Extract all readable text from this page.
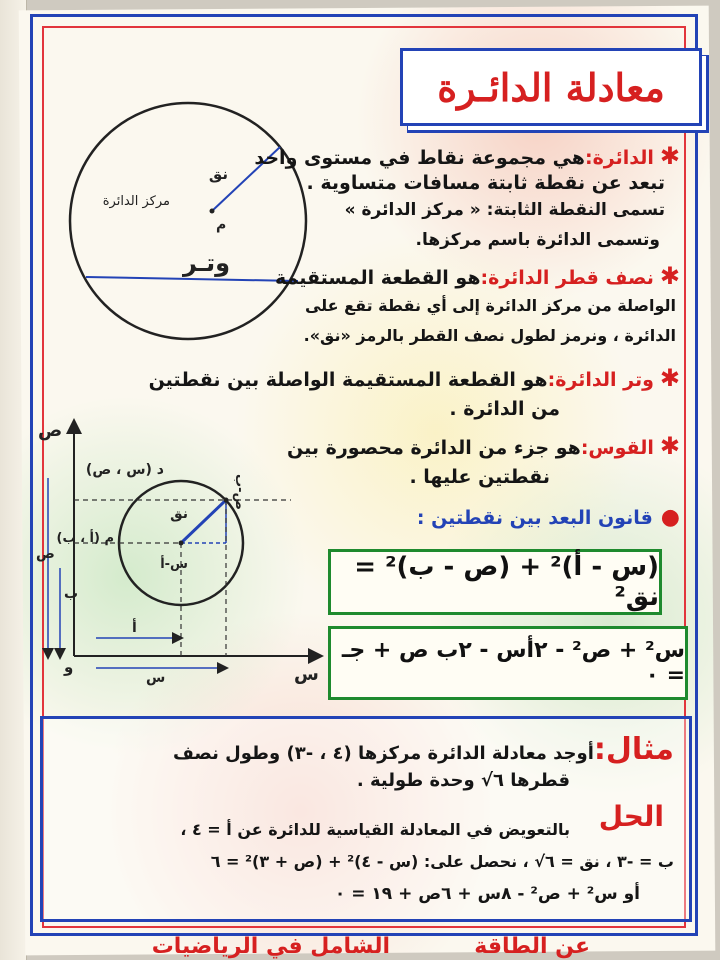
معادلة الدائـرة
نق
مركز الدائرة
م
وتـر
✱الدائرة:هي مجموعة نقاط في مستوى واحد
تبعد عن نقطة ثابتة مسافات متساوية .
تسمى النقطة الثابتة: « مركز الدائرة »
وتسمى الدائرة باسم مركزها.
✱نصف قطر الدائرة:هو القطعة المستقيمة
الواصلة من مركز الدائرة إلى أي نقطة تقع على
الدائرة ، ونرمز لطول نصف القطر بالرمز «نق».
✱وتر الدائرة:هو القطعة المستقيمة الواصلة بين نقطتين
من الدائرة .
✱القوس:هو جزء من الدائرة محصورة بين
نقطتين عليها .
●قانون البعد بين نقطتين :
ص
س
و
د (س ، ص)
م (أ ، ب)
نق
س-أ
ص-ب
أ
س
ب
ص	(س - أ)² + (ص - ب)² = نق²
س² + ص² - ٢أس - ٢ب ص + جـ = ٠
مثال:أوجد معادلة الدائرة مركزها (٤ ، -٣) وطول نصف
قطرها ٦√ وحدة طولية .
الحل
بالتعويض في المعادلة القياسية للدائرة عن أ = ٤ ،
ب = -٣ ، نق = ٦√ ، نحصل على: (س - ٤)² + (ص + ٣)² = ٦
أو س² + ص² - ٨س + ٦ص + ١٩ = ٠
عن الطاقة
الشامل في الرياضيات
